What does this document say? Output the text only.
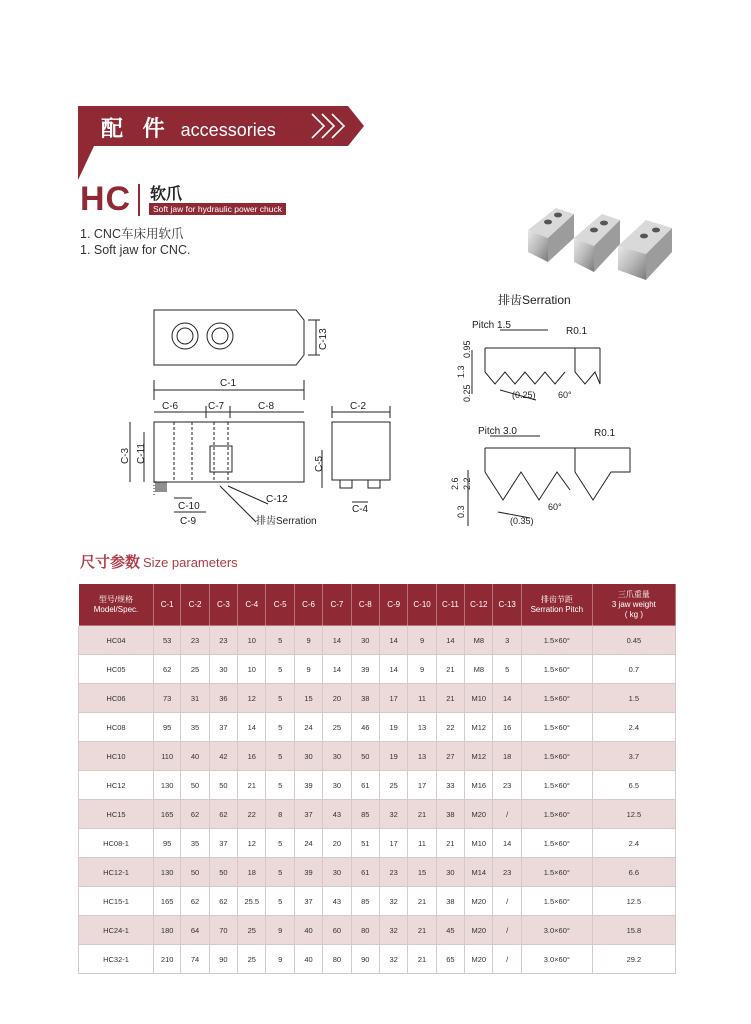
配 件 accessories
HC 软爪
Soft jaw for hydraulic power chuck
1. CNC车床用软爪
1. Soft jaw for CNC.
C-13
C-1
C-6	C-7	C-8	C-2
C-3 C-11	C-5
C-10
C-9
C-12
C-4
排齿Serration
排齿Serration
Pitch 1.5
R0.1
0.95
1.3
0.25	(0.25) 60°
Pitch 3.0	R0.1
2.6 2.2
0.3
(0.35)
60°
尺寸参数 Size parameters
型号/规格
Model/Spec.	C-1	C-2	C-3	C-4	C-5	C-6	C-7	C-8	C-9	C-10	C-11	C-12	C-13	排齿节距
Serration Pitch	三爪重量
3 jaw weight
( kg )
HC04	53	23	23	10	5	9	14	30	14	9	14	M8	3	1.5×60°	0.45
HC05	62	25	30	10	5	9	14	39	14	9	21	M8	5	1.5×60°	0.7
HC06	73	31	36	12	5	15	20	38	17	11	21	M10	14	1.5×60°	1.5
HC08	95	35	37	14	5	24	25	46	19	13	22	M12	16	1.5×60°	2.4
HC10	110	40	42	16	5	30	30	50	19	13	27	M12	18	1.5×60°	3.7
HC12	130	50	50	21	5	39	30	61	25	17	33	M16	23	1.5×60°	6.5
HC15	165	62	62	22	8	37	43	85	32	21	38	M20	/	1.5×60°	12.5
HC08-1	95	35	37	12	5	24	20	51	17	11	21	M10	14	1.5×60°	2.4
HC12-1	130	50	50	18	5	39	30	61	23	15	30	M14	23	1.5×60°	6.6
HC15-1	165	62	62	25.5	5	37	43	85	32	21	38	M20	/	1.5×60°	12.5
HC24-1	180	64	70	25	9	40	60	80	32	21	45	M20	/	3.0×60°	15.8
HC32-1	210	74	90	25	9	40	80	90	32	21	65	M20	/	3.0×60°	29.2
